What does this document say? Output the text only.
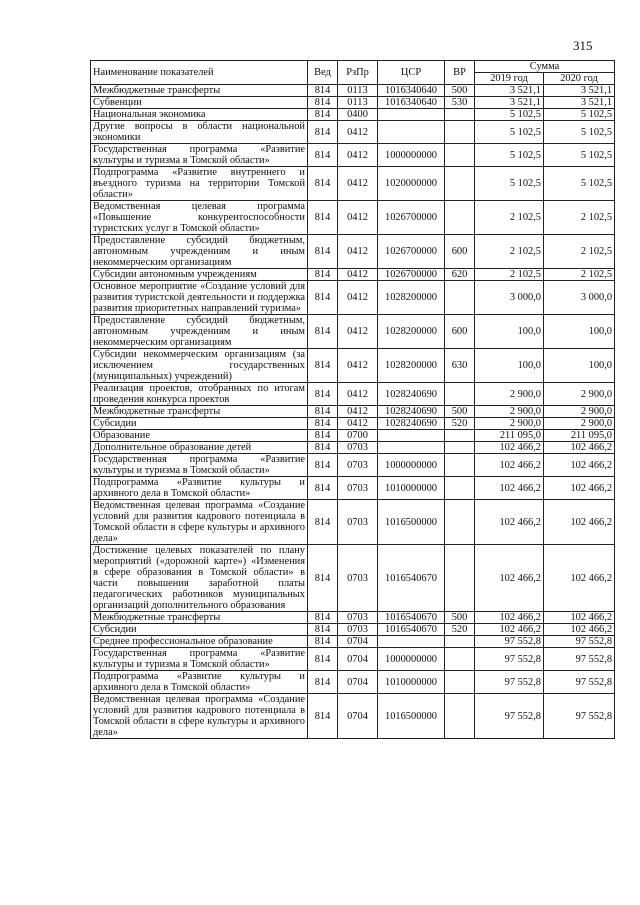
315
Наименование показателей	Вед	РзПр	ЦСР	ВР	Сумма	
					2019 год	2020 год
Межбюджетные трансферты	814	0113	1016340640	500	3 521,1	3 521,1
Субвенции	814	0113	1016340640	530	3 521,1	3 521,1
Национальная экономика	814	0400			5 102,5	5 102,5
Другие вопросы в области национальной экономики	814	0412			5 102,5	5 102,5
Государственная программа «Развитие культуры и туризма в Томской области»	814	0412	1000000000		5 102,5	5 102,5
Подпрограмма «Развитие внутреннего и въездного туризма на территории Томской области»	814	0412	1020000000		5 102,5	5 102,5
Ведомственная целевая программа «Повышение конкурентоспособности туристских услуг в Томской области»	814	0412	1026700000		2 102,5	2 102,5
Предоставление субсидий бюджетным, автономным учреждениям и иным некоммерческим организациям	814	0412	1026700000	600	2 102,5	2 102,5
Субсидии автономным учреждениям	814	0412	1026700000	620	2 102,5	2 102,5
Основное мероприятие «Создание условий для развития туристской деятельности и поддержка развития приоритетных направлений туризма»	814	0412	1028200000		3 000,0	3 000,0
Предоставление субсидий бюджетным, автономным учреждениям и иным некоммерческим организациям	814	0412	1028200000	600	100,0	100,0
Субсидии некоммерческим организациям (за исключением государственных (муниципальных) учреждений)	814	0412	1028200000	630	100,0	100,0
Реализация проектов, отобранных по итогам проведения конкурса проектов	814	0412	1028240690		2 900,0	2 900,0
Межбюджетные трансферты	814	0412	1028240690	500	2 900,0	2 900,0
Субсидии	814	0412	1028240690	520	2 900,0	2 900,0
Образование	814	0700			211 095,0	211 095,0
Дополнительное образование детей	814	0703			102 466,2	102 466,2
Государственная программа «Развитие культуры и туризма в Томской области»	814	0703	1000000000		102 466,2	102 466,2
Подпрограмма «Развитие культуры и архивного дела в Томской области»	814	0703	1010000000		102 466,2	102 466,2
Ведомственная целевая программа «Создание условий для развития кадрового потенциала в Томской области в сфере культуры и архивного дела»	814	0703	1016500000		102 466,2	102 466,2
Достижение целевых показателей по плану мероприятий («дорожной карте») «Изменения в сфере образования в Томской области» в части повышения заработной платы педагогических работников муниципальных организаций дополнительного образования	814	0703	1016540670		102 466,2	102 466,2
Межбюджетные трансферты	814	0703	1016540670	500	102 466,2	102 466,2
Субсидии	814	0703	1016540670	520	102 466,2	102 466,2
Среднее профессиональное образование	814	0704			97 552,8	97 552,8
Государственная программа «Развитие культуры и туризма в Томской области»	814	0704	1000000000		97 552,8	97 552,8
Подпрограмма «Развитие культуры и архивного дела в Томской области»	814	0704	1010000000		97 552,8	97 552,8
Ведомственная целевая программа «Создание условий для развития кадрового потенциала в Томской области в сфере культуры и архивного дела»	814	0704	1016500000		97 552,8	97 552,8
